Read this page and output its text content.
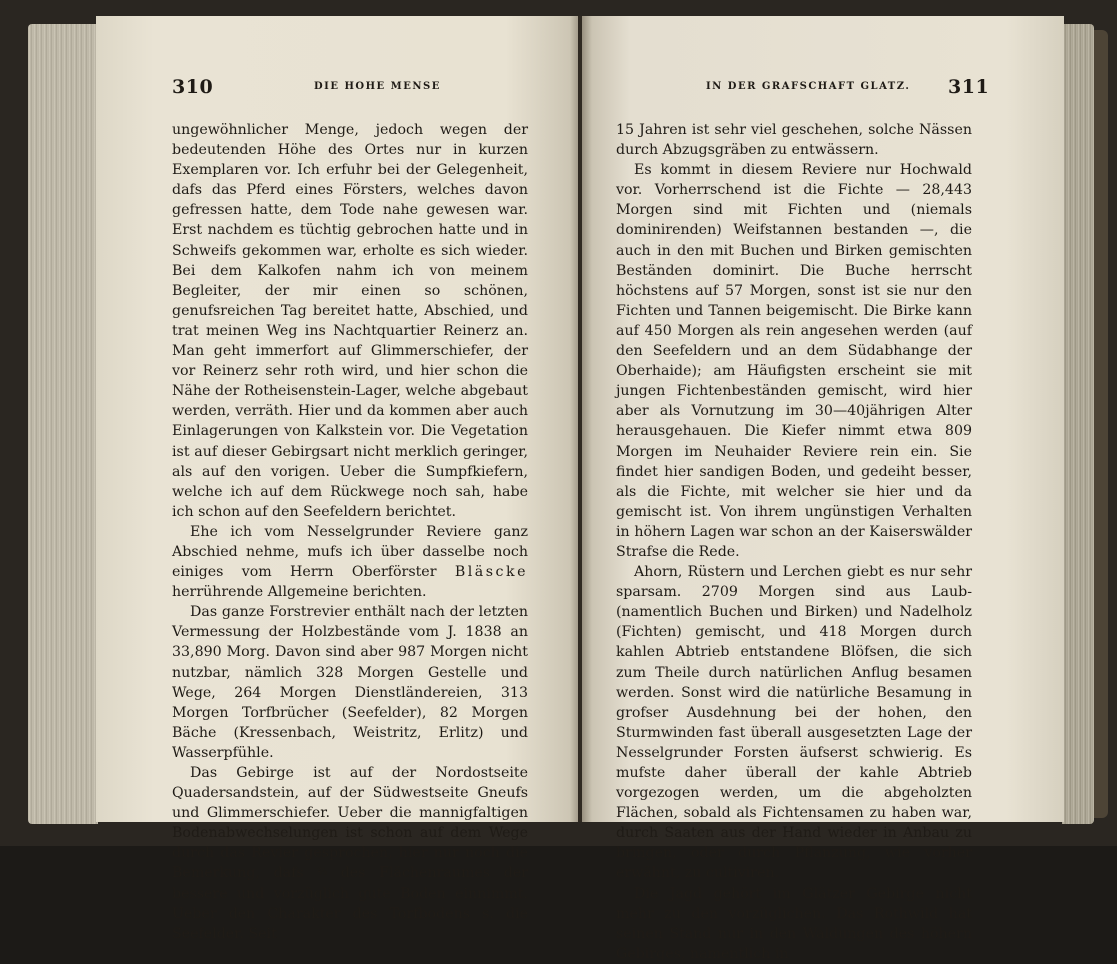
310	DIE HOHE MENSE

ungewöhnlicher Menge, jedoch wegen der bedeutenden Höhe des Ortes nur in kurzen Exemplaren vor. Ich erfuhr bei der Gelegenheit, dafs das Pferd eines Försters, welches davon gefressen hatte, dem Tode nahe gewesen war. Erst nachdem es tüchtig gebrochen hatte und in Schweifs gekommen war, erholte es sich wieder. Bei dem Kalkofen nahm ich von meinem Begleiter, der mir einen so schönen, genufsreichen Tag bereitet hatte, Abschied, und trat meinen Weg ins Nachtquartier Reinerz an. Man geht immerfort auf Glimmerschiefer, der vor Reinerz sehr roth wird, und hier schon die Nähe der Rotheisenstein-Lager, welche abgebaut werden, verräth. Hier und da kommen aber auch Einlagerungen von Kalkstein vor. Die Vegetation ist auf dieser Gebirgsart nicht merklich geringer, als auf den vorigen. Ueber die Sumpfkiefern, welche ich auf dem Rückwege noch sah, habe ich schon auf den Seefeldern berichtet.

Ehe ich vom Nesselgrunder Reviere ganz Abschied nehme, mufs ich über dasselbe noch einiges vom Herrn Oberförster Bläscke herrührende Allgemeine berichten.

Das ganze Forstrevier enthält nach der letzten Vermessung der Holzbestände vom J. 1838 an 33,890 Morg. Davon sind aber 987 Morgen nicht nutzbar, nämlich 328 Morgen Gestelle und Wege, 264 Morgen Dienstländereien, 313 Morgen Torfbrücher (Seefelder), 82 Morgen Bäche (Kressenbach, Weistritz, Erlitz) und Wasserpfühle.

Das Gebirge ist auf der Nordostseite Quadersandstein, auf der Südwestseite Gneufs und Glimmerschiefer. Ueber die mannigfaltigen Bodenabwechselungen ist schon auf dem Wege durch das Revier gesprochen, hier nur noch die Bemerkung, dafs ⅔ des Flächenraumes der bessere und vorzüglich gute Boden einnimmt. Ueber den Charakter des Torfbodens s. die Seefelder. Seit

IN DER GRAFSCHAFT GLATZ. 311

15 Jahren ist sehr viel geschehen, solche Nässen durch Abzugsgräben zu entwässern.

Es kommt in diesem Reviere nur Hochwald vor. Vorherrschend ist die Fichte — 28,443 Morgen sind mit Fichten und (niemals dominirenden) Weifstannen bestanden —, die auch in den mit Buchen und Birken gemischten Beständen dominirt. Die Buche herrscht höchstens auf 57 Morgen, sonst ist sie nur den Fichten und Tannen beigemischt. Die Birke kann auf 450 Morgen als rein angesehen werden (auf den Seefeldern und an dem Südabhange der Oberhaide); am Häufigsten erscheint sie mit jungen Fichtenbeständen gemischt, wird hier aber als Vornutzung im 30—40jährigen Alter herausgehauen. Die Kiefer nimmt etwa 809 Morgen im Neuhaider Reviere rein ein. Sie findet hier sandigen Boden, und gedeiht besser, als die Fichte, mit welcher sie hier und da gemischt ist. Von ihrem ungünstigen Verhalten in höhern Lagen war schon an der Kaiserswälder Strafse die Rede.

Ahorn, Rüstern und Lerchen giebt es nur sehr sparsam. 2709 Morgen sind aus Laub- (namentlich Buchen und Birken) und Nadelholz (Fichten) gemischt, und 418 Morgen durch kahlen Abtrieb entstandene Blöfsen, die sich zum Theile durch natürlichen Anflug besamen werden. Sonst wird die natürliche Besamung in grofser Ausdehnung bei der hohen, den Sturmwinden fast überall ausgesetzten Lage der Nesselgrunder Forsten äufserst schwierig. Es mufste daher überall der kahle Abtrieb vorgezogen werden, um die abgeholzten Flächen, sobald als Fichtensamen zu haben war, durch Saaten aus der Hand wieder in Anbau zu bringen, oder durch Pflanzung, wie vorher erwähnt, zu cultiviren.

Die Jagd gehört im Glätzer Gebirge nicht mehr zu den vorzüglichen. Das Rothwild hat seinen Stand nur in den Waldungen des höhern Gebirges, namentlich in
